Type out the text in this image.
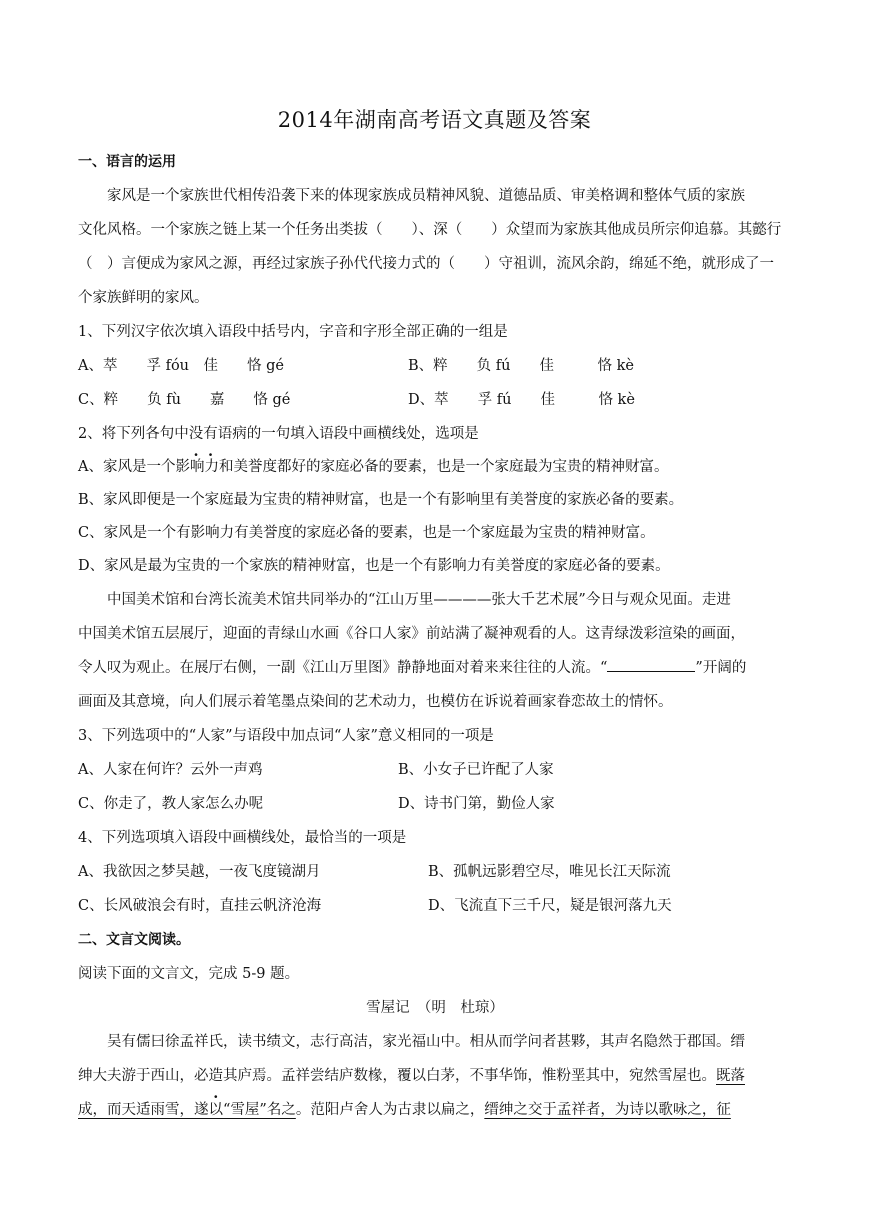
2014年湖南高考语文真题及答案
一、语言的运用
家风是一个家族世代相传沿袭下来的体现家族成员精神风貌、道德品质、审美格调和整体气质的家族
文化风格。一个家族之链上某一个任务出类拔（　　）、深（　　）众望而为家族其他成员所宗仰追慕。其懿行
（　）言便成为家风之源，再经过家族子孙代代接力式的（　　）守祖训，流风余韵，绵延不绝，就形成了一
个家族鲜明的家风。
1、下列汉字依次填入语段中括号内，字音和字形全部正确的一组是
A、萃　　孚 fóu　佳　　恪 gé	B、粹　　负 fú　　佳　　　恪 kè
C、粹　　负 fù　　嘉　　恪 gé	D、萃　　孚 fú　　佳　　　恪 kè
2、将下列各句中没有语病的一句填入语段中画横线处，选项是
A、家风是一个影响力和美誉度都好的家庭必备的要素，也是一个家庭最为宝贵的精神财富。
B、家风即便是一个家庭最为宝贵的精神财富，也是一个有影响里有美誉度的家族必备的要素。
C、家风是一个有影响力有美誉度的家庭必备的要素，也是一个家庭最为宝贵的精神财富。
D、家风是最为宝贵的一个家族的精神财富，也是一个有影响力有美誉度的家庭必备的要素。
中国美术馆和台湾长流美术馆共同举办的“江山万里————张大千艺术展”今日与观众见面。走进
中国美术馆五层展厅，迎面的青绿山水画《谷口人家》前站满了凝神观看的人。这青绿泼彩渲染的画面，
令人叹为观止。在展厅右侧，一副《江山万里图》静静地面对着来来往往的人流。“	”开阔的
画面及其意境，向人们展示着笔墨点染间的艺术动力，也模仿在诉说着画家眷恋故土的情怀。
3、下列选项中的“人家”与语段中加点词“人家”意义相同的一项是
A、人家在何许？云外一声鸡	B、小女子已许配了人家
C、你走了，教人家怎么办呢	D、诗书门第，勤俭人家
4、下列选项填入语段中画横线处，最恰当的一项是
A、我欲因之梦吴越，一夜飞度镜湖月	B、孤帆远影碧空尽，唯见长江天际流
C、长风破浪会有时，直挂云帆济沧海	D、飞流直下三千尺，疑是银河落九天
二、文言文阅读。
阅读下面的文言文，完成 5-9 题。
雪屋记　（明　杜琼）
吴有儒曰徐孟祥氏，读书绩文，志行高洁，家光福山中。相从而学问者甚夥，其声名隐然于郡国。缙
绅大夫游于西山，必造其庐焉。孟祥尝结庐数椽，覆以白茅，不事华饰，惟粉垩其中，宛然雪屋也。既落
成，而天适雨雪，遂以“雪屋”名之。范阳卢舍人为古隶以扁之，缙绅之交于孟祥者，为诗以歌咏之，征
